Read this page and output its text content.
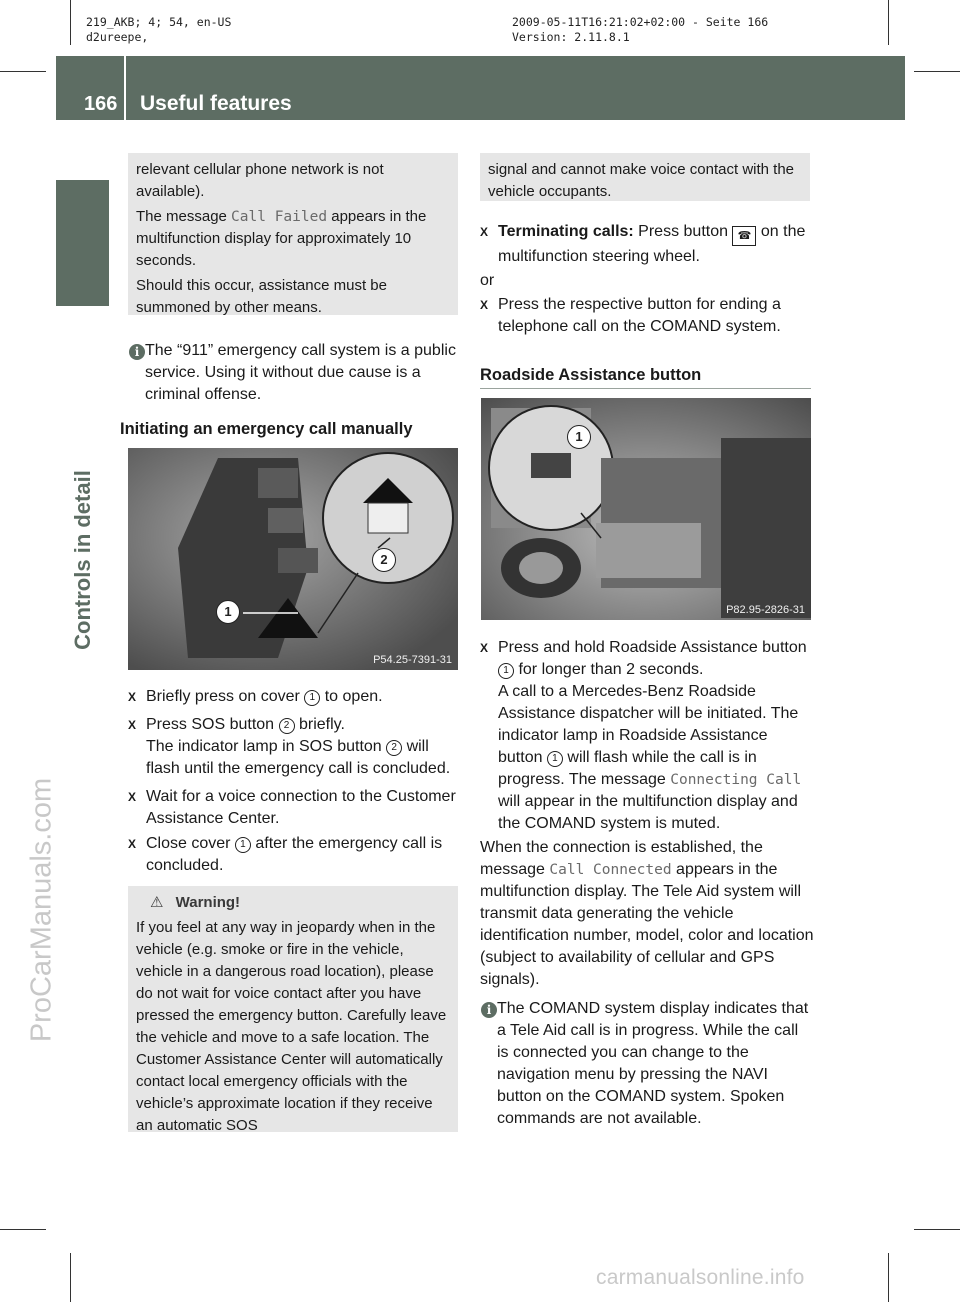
219_AKB; 4; 54, en-US
d2ureepe,
2009-05-11T16:21:02+02:00 - Seite 166
Version: 2.11.8.1
166 Useful features
Controls in detail
ProCarManuals.com

relevant cellular phone network is not available).

The message Call Failed appears in the multifunction display for approximately 10 seconds.

Should this occur, assistance must be summoned by other means.

i The “911” emergency call system is a public service. Using it without due cause is a criminal offense.
Initiating an emergency call manually
1
2
P54.25-7391-31
X Briefly press on cover 1 to open.
X Press SOS button 2 briefly.
The indicator lamp in SOS button 2 will flash until the emergency call is concluded.
X Wait for a voice connection to the Customer Assistance Center.
X Close cover 1 after the emergency call is concluded.

⚠ Warning!

If you feel at any way in jeopardy when in the vehicle (e.g. smoke or fire in the vehicle, vehicle in a dangerous road location), please do not wait for voice contact after you have pressed the emergency button. Carefully leave the vehicle and move to a safe location. The Customer Assistance Center will automatically contact local emergency officials with the vehicle’s approximate location if they receive an automatic SOS

signal and cannot make voice contact with the vehicle occupants.
X Terminating calls: Press button ☎ on the multifunction steering wheel.
or
X Press the respective button for ending a telephone call on the COMAND system.
Roadside Assistance button
1
P82.95-2826-31
X Press and hold Roadside Assistance button 1 for longer than 2 seconds.
A call to a Mercedes-Benz Roadside Assistance dispatcher will be initiated. The indicator lamp in Roadside Assistance button 1 will flash while the call is in progress. The message Connecting Call will appear in the multifunction display and the COMAND system is muted.
When the connection is established, the message Call Connected appears in the multifunction display. The Tele Aid system will transmit data generating the vehicle identification number, model, color and location (subject to availability of cellular and GPS signals).
i The COMAND system display indicates that a Tele Aid call is in progress. While the call is connected you can change to the navigation menu by pressing the NAVI button on the COMAND system. Spoken commands are not available.
carmanualsonline.info
